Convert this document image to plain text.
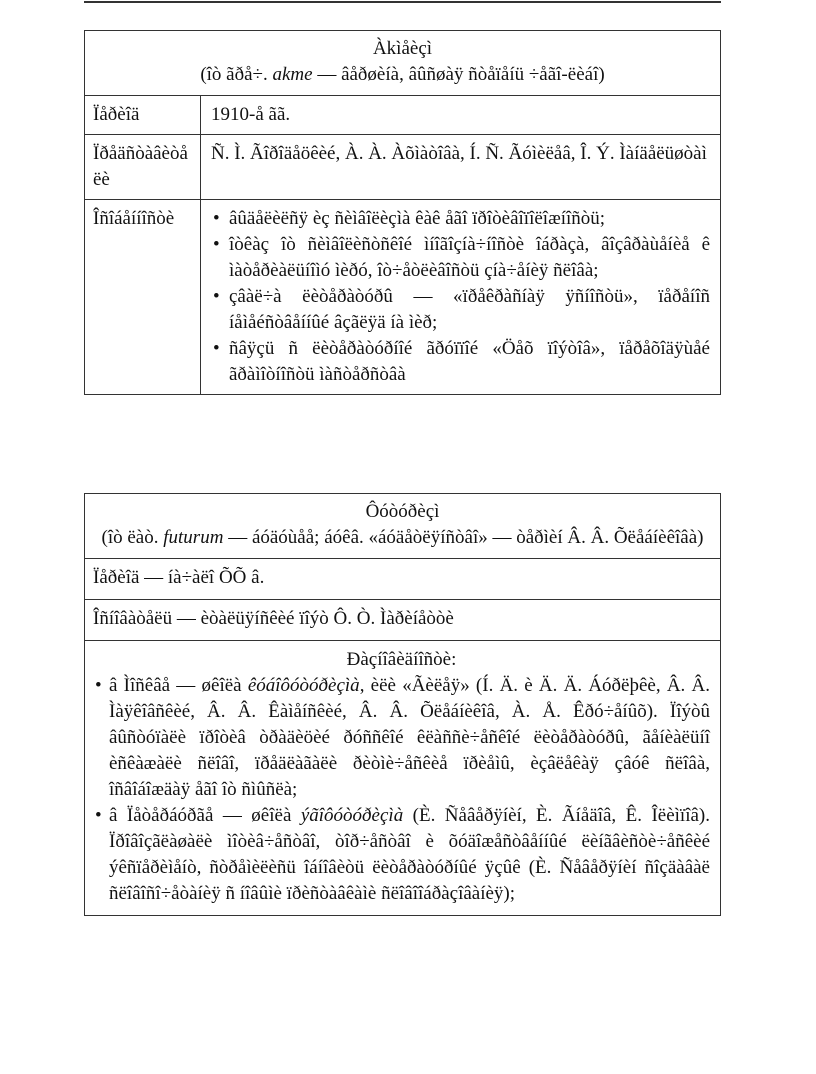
Àkìåèçì
(îò ãðå÷. akme — âåðøèíà, âûñøàÿ ñòåïåíü ÷åãî-ëèáî)
Ïåðèîä	1910-å ãã.
Ïðåäñòàâèòåëè
Ñ. Ì. Ãîðîäåöêèé, À. À. Àõìàòîâà, Í. Ñ. Ãóìèëåâ, Î. Ý. Ìàíäåëüøòàì
Îñîáåííîñòè	• âûäåëèëñÿ èç ñèìâîëèçìà êàê åãî ïðîòèâîïîëîæíîñòü;
• îòêàç îò ñèìâîëèñòñêîé ìíîãîçíà÷íîñòè îáðàçà, âîçâðàùåíèå ê ìàòåðèàëüíîìó ìèðó, îò÷åòëèâîñòü çíà÷åíèÿ ñëîâà;
• çâàë÷à ëèòåðàòóðû — «ïðåêðàñíàÿ ÿñíîñòü», ïåðåíîñ íåìåéñòâåííûé âçãëÿä íà ìèð;
• ñâÿçü ñ ëèòåðàòóðíîé ãðóïïîé «Öåõ ïîýòîâ», ïåðåõîäÿùåé ãðàìîòíîñòü ìàñòåðñòâà
Ôóòóðèçì
(îò ëàò. futurum — áóäóùåå; áóêâ. «áóäåòëÿíñòâî» — òåðìèí Â. Â. Õëåáíèêîâà)
Ïåðèîä — íà÷àëî ÕÕ â.
Îñíîâàòåëü — èòàëüÿíñêèé ïîýò Ô. Ò. Ìàðèíåòòè
Ðàçíîâèäíîñòè:
• â Ìîñêâå — øêîëà êóáîôóòóðèçìà, èëè «Ãèëåÿ» (Í. Ä. è Ä. Ä. Áóðëþêè, Â. Â. Ìàÿêîâñêèé, Â. Â. Êàìåíñêèé, Â. Â. Õëåáíèêîâ, À. Å. Êðó÷åíûõ). Ïîýòû âûñòóïàëè ïðîòèâ òðàäèöèé ðóññêîé êëàññè÷åñêîé ëèòåðàòóðû, ãåíèàëüíî èñêàæàëè ñëîâî, ïðåäëàãàëè ðèòìè÷åñêèå ïðèåìû, èçâëåêàÿ çâóê ñëîâà, îñâîáîæäàÿ åãî îò ñìûñëà;
• â Ïåòåðáóðãå — øêîëà ýãîôóòóðèçìà (È. Ñåâåðÿíèí, È. Ãíåäîâ, Ê. Îëèìïîâ). Ïðîâîçãëàøàëè ìîòèâ÷åñòâî, òîð÷åñòâî è õóäîæåñòâåííûé ëèíãâèñòè÷åñêèé ýêñïåðèìåíò, ñòðåìèëèñü îáíîâèòü ëèòåðàòóðíûé ÿçûê (È. Ñåâåðÿíèí ñîçäàâàë ñëîâîñî÷åòàíèÿ ñ íîâûìè ïðèñòàâêàìè ñëîâîîáðàçîâàíèÿ);
